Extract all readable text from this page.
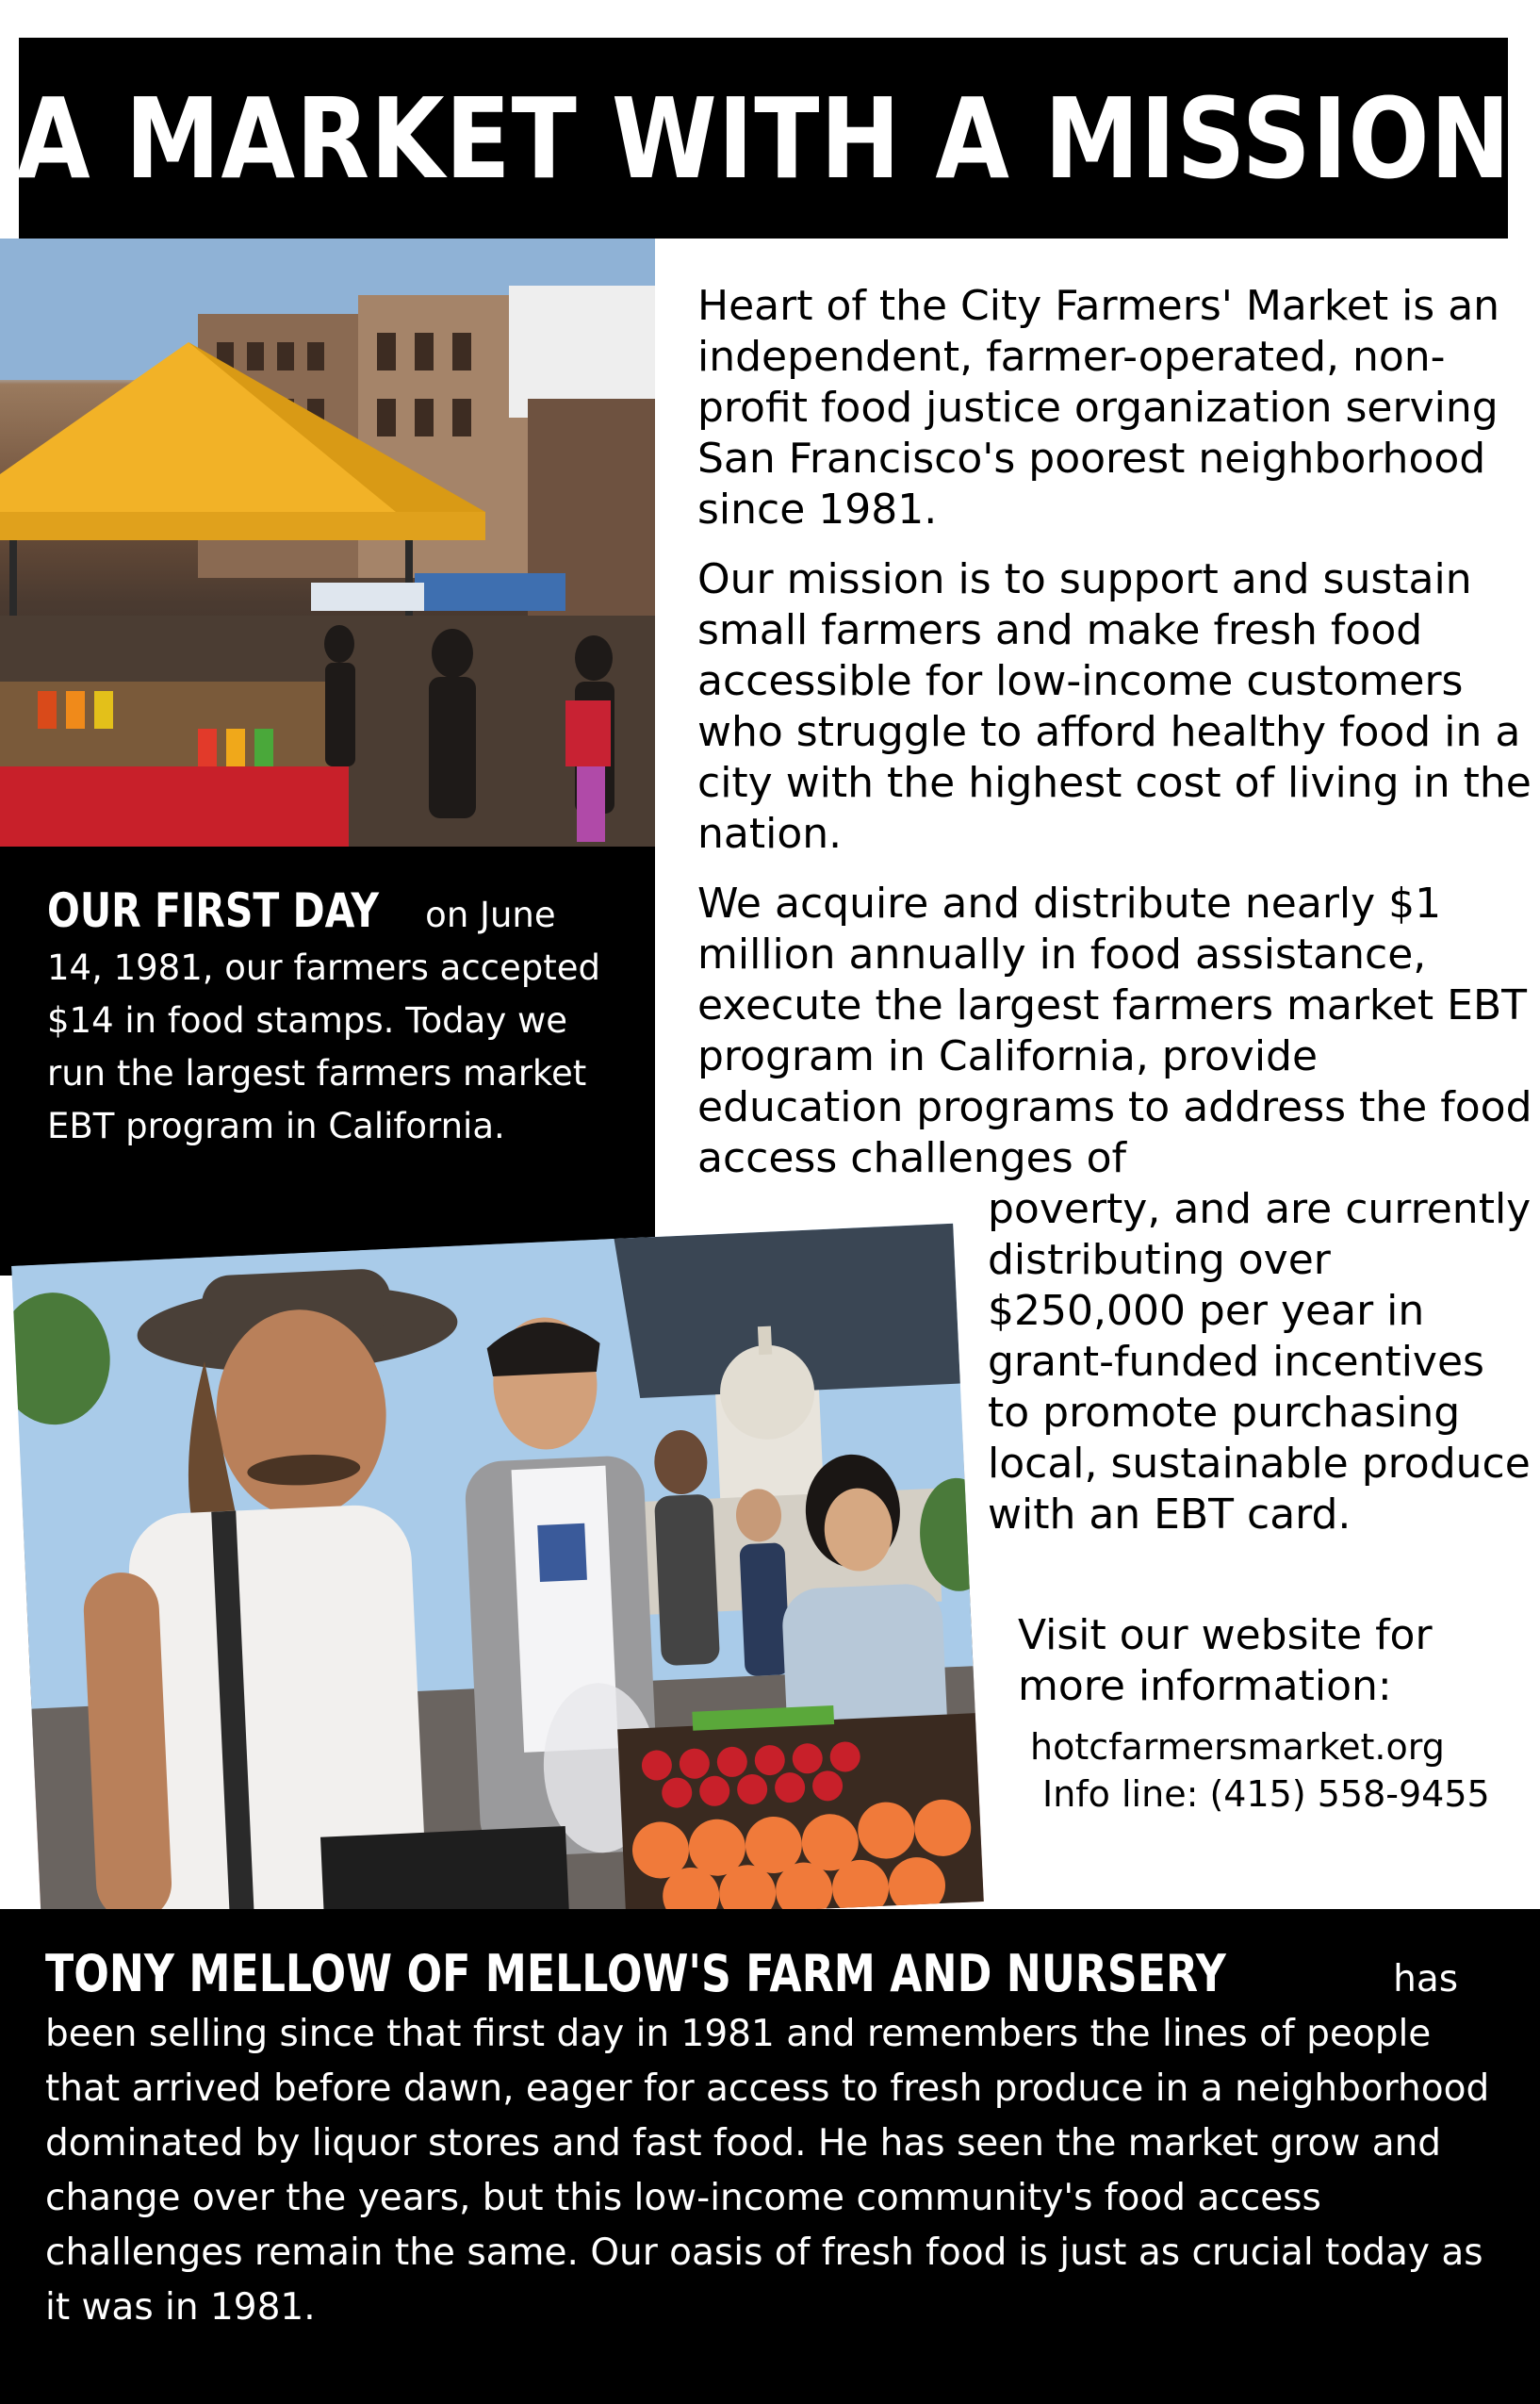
A MARKET WITH A MISSION
OUR FIRST DAY on June 14, 1981, our farmers accepted $14 in food stamps. Today we run the largest farmers market EBT program in California.
Heart of the City Farmers' Market is an independent, farmer-operated, non-profit food justice organization serving San Francisco's poorest neighborhood since 1981.
Our mission is to support and sustain small farmers and make fresh food accessible for low-income customers who struggle to afford healthy food in a city with the highest cost of living in the nation.
We acquire and distribute nearly $1 million annually in food assistance, execute the largest farmers market EBT program in California, provide education programs to address the food access challenges of
poverty, and are currently distributing over $250,000 per year in grant-funded incentives to promote purchasing local, sustainable produce with an EBT card.
Visit our website for more information:
hotcfarmersmarket.org
Info line: (415) 558-9455
TONY MELLOW OF MELLOW'S FARM AND NURSERY	has been selling since that first day in 1981 and remembers the lines of people that arrived before dawn, eager for access to fresh produce in a neighborhood dominated by liquor stores and fast food. He has seen the market grow and change over the years, but this low-income community's food access challenges remain the same. Our oasis of fresh food is just as crucial today as it was in 1981.
